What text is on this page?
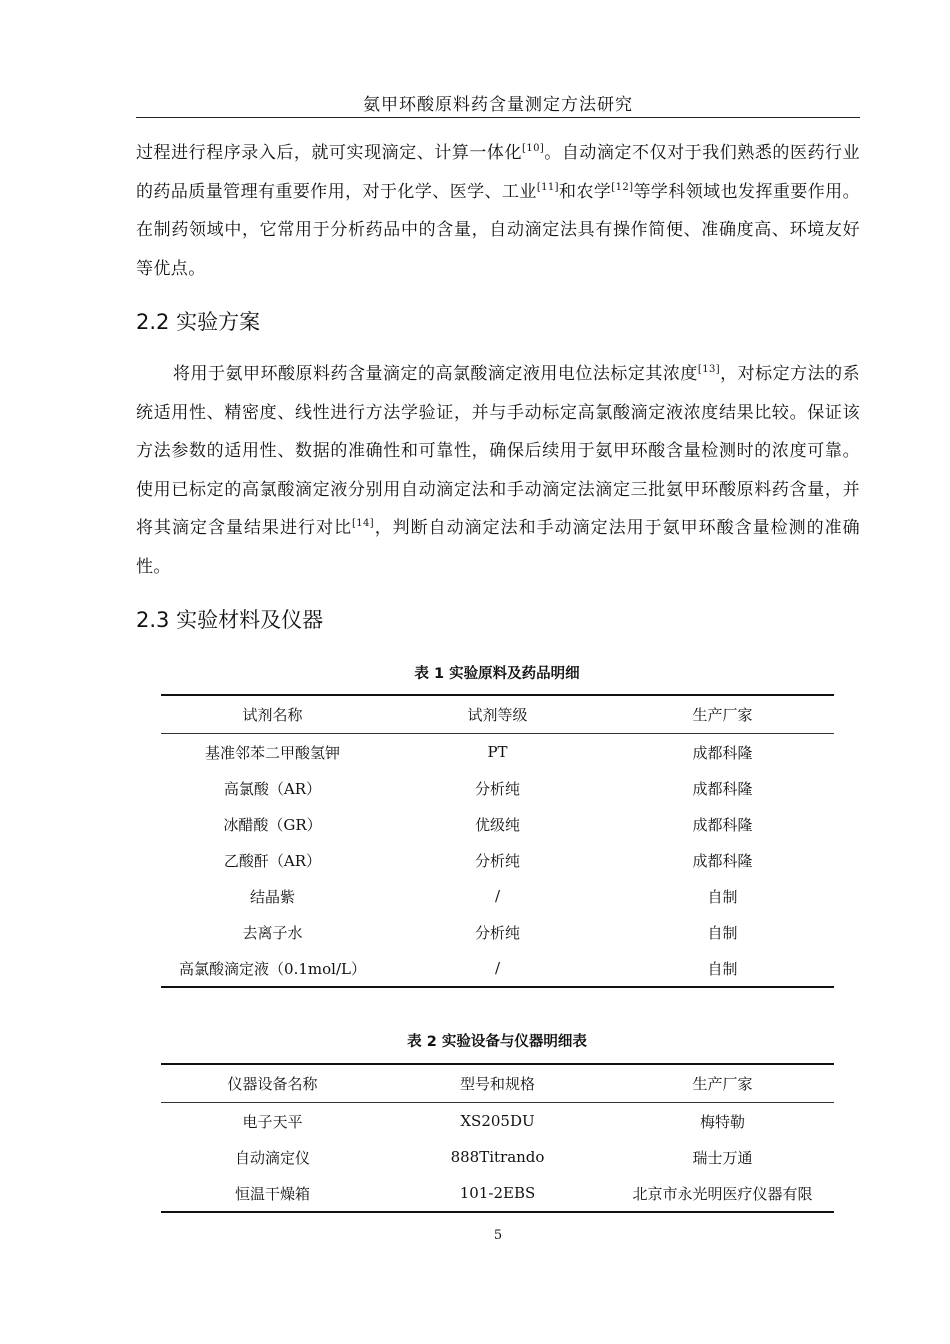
氨甲环酸原料药含量测定方法研究

过程进行程序录入后，就可实现滴定、计算一体化[10]。自动滴定不仅对于我们熟悉的医药行业的药品质量管理有重要作用，对于化学、医学、工业[11]和农学[12]等学科领域也发挥重要作用。在制药领域中，它常用于分析药品中的含量，自动滴定法具有操作简便、准确度高、环境友好等优点。

2.2 实验方案

将用于氨甲环酸原料药含量滴定的高氯酸滴定液用电位法标定其浓度[13]，对标定方法的系统适用性、精密度、线性进行方法学验证，并与手动标定高氯酸滴定液浓度结果比较。保证该方法参数的适用性、数据的准确性和可靠性，确保后续用于氨甲环酸含量检测时的浓度可靠。使用已标定的高氯酸滴定液分别用自动滴定法和手动滴定法滴定三批氨甲环酸原料药含量，并将其滴定含量结果进行对比[14]，判断自动滴定法和手动滴定法用于氨甲环酸含量检测的准确性。

2.3 实验材料及仪器
表 1 实验原料及药品明细
试剂名称	试剂等级	生产厂家
基准邻苯二甲酸氢钾	PT	成都科隆
高氯酸（AR）	分析纯	成都科隆
冰醋酸（GR）	优级纯	成都科隆
乙酸酐（AR）	分析纯	成都科隆
结晶紫	/	自制
去离子水	分析纯	自制
高氯酸滴定液（0.1mol/L）	/	自制
表 2 实验设备与仪器明细表
仪器设备名称	型号和规格	生产厂家
电子天平	XS205DU	梅特勒
自动滴定仪	888Titrando	瑞士万通
恒温干燥箱	101-2EBS	北京市永光明医疗仪器有限
5
